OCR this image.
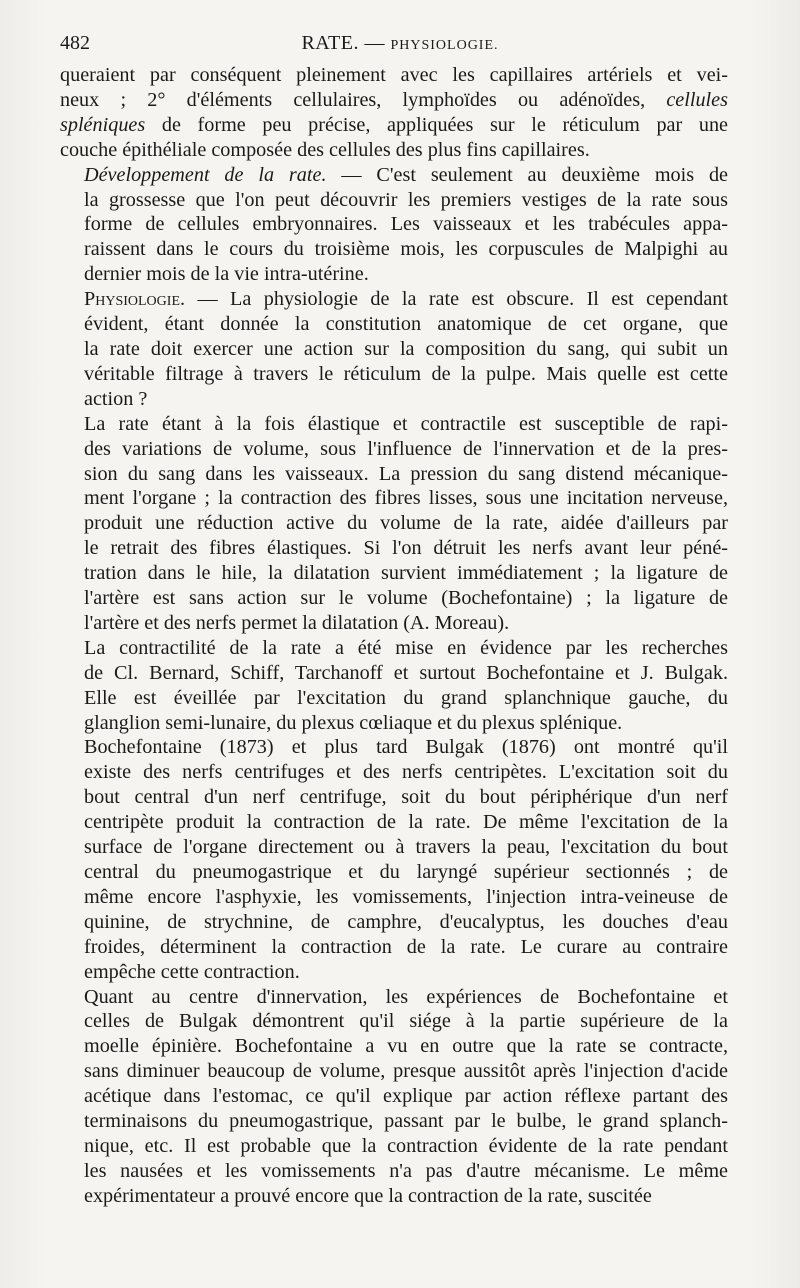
482	RATE. — PHYSIOLOGIE.

queraient par conséquent pleinement avec les capillaires artériels et vei-
neux ; 2° d'éléments cellulaires, lymphoïdes ou adénoïdes, cellules
spléniques de forme peu précise, appliquées sur le réticulum par une
couche épithéliale composée des cellules des plus fins capillaires.

Développement de la rate. — C'est seulement au deuxième mois de
la grossesse que l'on peut découvrir les premiers vestiges de la rate sous
forme de cellules embryonnaires. Les vaisseaux et les trabécules appa-
raissent dans le cours du troisième mois, les corpuscules de Malpighi au
dernier mois de la vie intra-utérine.

Physiologie. — La physiologie de la rate est obscure. Il est cependant
évident, étant donnée la constitution anatomique de cet organe, que
la rate doit exercer une action sur la composition du sang, qui subit un
véritable filtrage à travers le réticulum de la pulpe. Mais quelle est cette
action ?

La rate étant à la fois élastique et contractile est susceptible de rapi-
des variations de volume, sous l'influence de l'innervation et de la pres-
sion du sang dans les vaisseaux. La pression du sang distend mécanique-
ment l'organe ; la contraction des fibres lisses, sous une incitation nerveuse,
produit une réduction active du volume de la rate, aidée d'ailleurs par
le retrait des fibres élastiques. Si l'on détruit les nerfs avant leur péné-
tration dans le hile, la dilatation survient immédiatement ; la ligature de
l'artère est sans action sur le volume (Bochefontaine) ; la ligature de
l'artère et des nerfs permet la dilatation (A. Moreau).

La contractilité de la rate a été mise en évidence par les recherches
de Cl. Bernard, Schiff, Tarchanoff et surtout Bochefontaine et J. Bulgak.
Elle est éveillée par l'excitation du grand splanchnique gauche, du
glanglion semi-lunaire, du plexus cœliaque et du plexus splénique.

Bochefontaine (1873) et plus tard Bulgak (1876) ont montré qu'il
existe des nerfs centrifuges et des nerfs centripètes. L'excitation soit du
bout central d'un nerf centrifuge, soit du bout périphérique d'un nerf
centripète produit la contraction de la rate. De même l'excitation de la
surface de l'organe directement ou à travers la peau, l'excitation du bout
central du pneumogastrique et du laryngé supérieur sectionnés ; de
même encore l'asphyxie, les vomissements, l'injection intra-veineuse de
quinine, de strychnine, de camphre, d'eucalyptus, les douches d'eau
froides, déterminent la contraction de la rate. Le curare au contraire
empêche cette contraction.

Quant au centre d'innervation, les expériences de Bochefontaine et
celles de Bulgak démontrent qu'il siége à la partie supérieure de la
moelle épinière. Bochefontaine a vu en outre que la rate se contracte,
sans diminuer beaucoup de volume, presque aussitôt après l'injection d'acide
acétique dans l'estomac, ce qu'il explique par action réflexe partant des
terminaisons du pneumogastrique, passant par le bulbe, le grand splanch-
nique, etc. Il est probable que la contraction évidente de la rate pendant
les nausées et les vomissements n'a pas d'autre mécanisme. Le même
expérimentateur a prouvé encore que la contraction de la rate, suscitée
